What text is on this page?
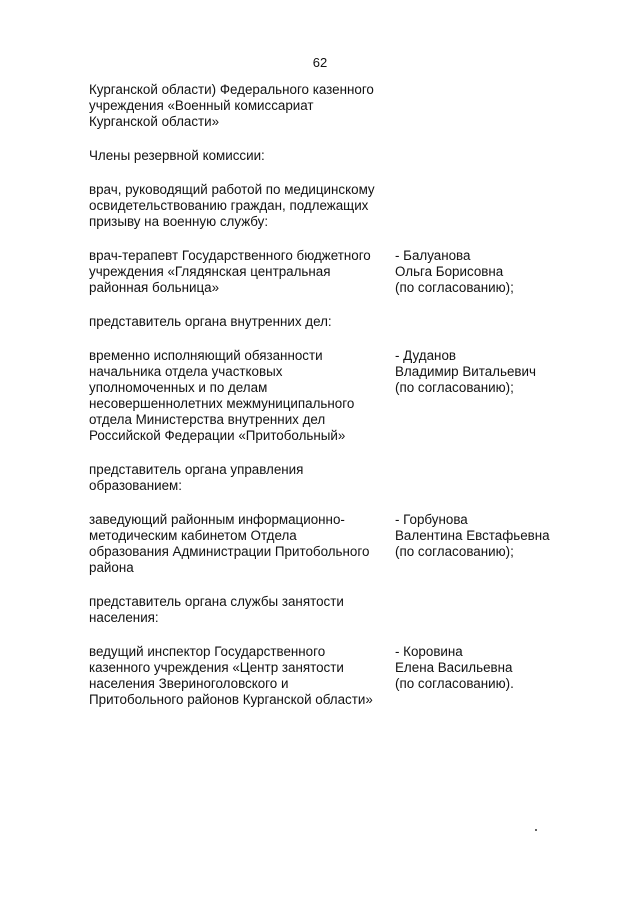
62
Курганской области) Федерального казенного
учреждения «Военный комиссариат
Курганской области»
Члены резервной комиссии:
врач, руководящий работой по медицинскому
освидетельствованию граждан, подлежащих
призыву на военную службу:
врач-терапевт Государственного бюджетного
учреждения «Глядянская центральная
районная больница»
- Балуанова
Ольга Борисовна
(по согласованию);
представитель органа внутренних дел:
временно исполняющий обязанности
начальника отдела участковых
уполномоченных и по делам
несовершеннолетних межмуниципального
отдела Министерства внутренних дел
Российской Федерации «Притобольный»
- Дуданов
Владимир Витальевич
(по согласованию);
представитель органа управления
образованием:
заведующий районным информационно-
методическим кабинетом Отдела
образования Администрации Притобольного
района
- Горбунова
Валентина Евстафьевна
(по согласованию);
представитель органа службы занятости
населения:
ведущий инспектор Государственного
казенного учреждения «Центр занятости
населения Звериноголовского и
Притобольного районов Курганской области»
- Коровина
Елена Васильевна
(по согласованию).
